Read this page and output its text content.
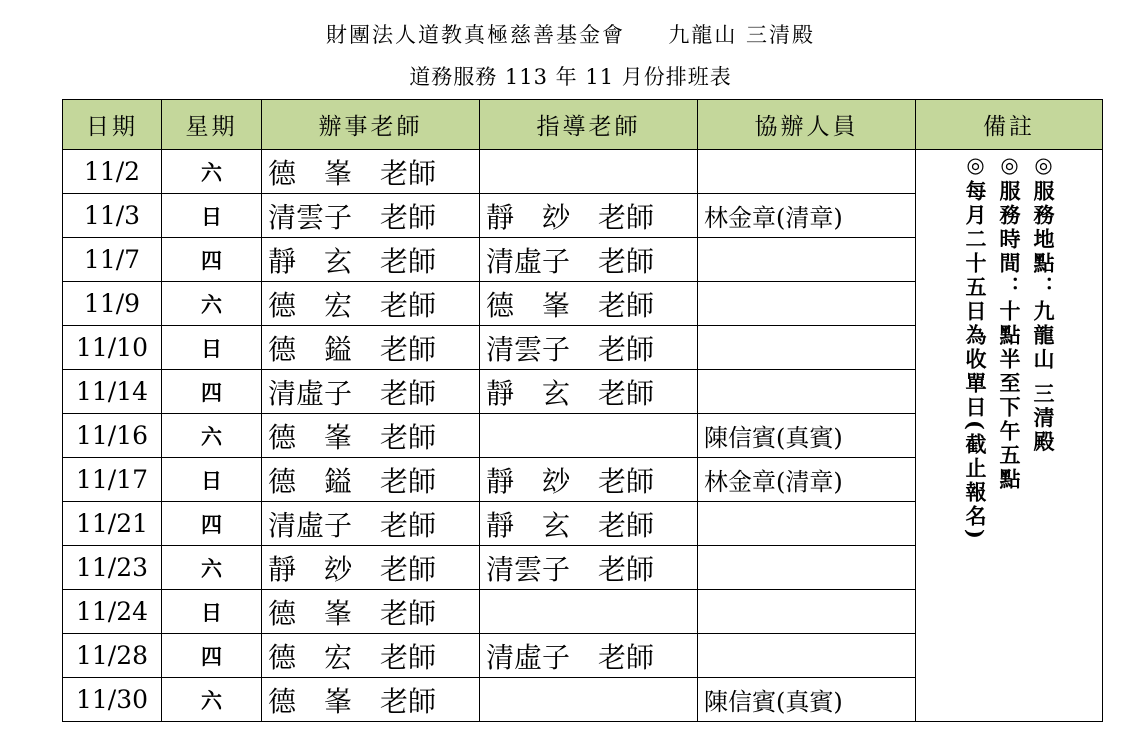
財團法人道教真極慈善基金會     九龍山 三清殿
道務服務 113 年 11 月份排班表
日期	星期	辦事老師	指導老師	協辦人員	備註
11/2	六	德　峯　老師			◎服務地點：九龍山 三清殿
◎服務時間：十點半至下午五點
◎每月二十五日為收單日(截止報名)

11/3	日	清雲子　老師	靜　玅　老師	林金章(清章)	
11/7	四	靜　玄　老師	清虛子　老師		
11/9	六	德　宏　老師	德　峯　老師		
11/10	日	德　鎰　老師	清雲子　老師		
11/14	四	清虛子　老師	靜　玄　老師		
11/16	六	德　峯　老師		陳信賓(真賓)	
11/17	日	德　鎰　老師	靜　玅　老師	林金章(清章)	
11/21	四	清虛子　老師	靜　玄　老師		
11/23	六	靜　玅　老師	清雲子　老師		
11/24	日	德　峯　老師			
11/28	四	德　宏　老師	清虛子　老師		
11/30	六	德　峯　老師		陳信賓(真賓)	
